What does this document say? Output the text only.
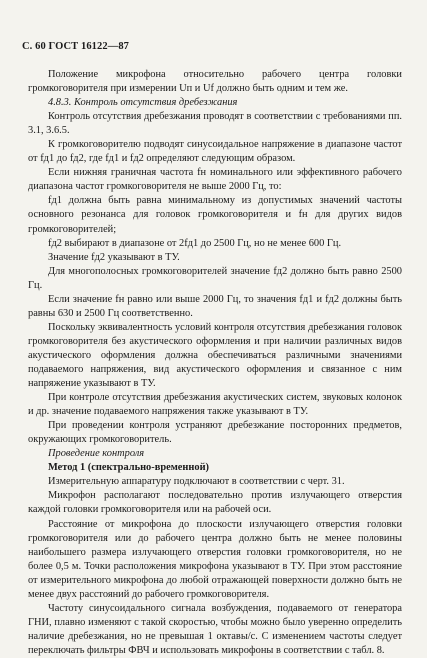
С. 60 ГОСТ 16122—87

Положение микрофона относительно рабочего центра головки громкоговорителя при измерении Uп и Uf должно быть одним и тем же.

4.8.3. Контроль отсутствия дребезжания

Контроль отсутствия дребезжания проводят в соответствии с требованиями пп. 3.1, 3.6.5.

К громкоговорителю подводят синусоидальное напряжение в диапазоне частот от fд1 до fд2, где fд1 и fд2 определяют следующим образом.

Если нижняя граничная частота fн номинального или эффективного рабочего диапазона частот громкоговорителя не выше 2000 Гц, то:

fд1 должна быть равна минимальному из допустимых значений частоты основного резонанса для головок громкоговорителя и fн для других видов громкоговорителей;

fд2 выбирают в диапазоне от 2fд1 до 2500 Гц, но не менее 600 Гц.

Значение fд2 указывают в ТУ.

Для многополосных громкоговорителей значение fд2 должно быть равно 2500 Гц.

Если значение fн равно или выше 2000 Гц, то значения fд1 и fд2 должны быть равны 630 и 2500 Гц соответственно.

Поскольку эквивалентность условий контроля отсутствия дребезжания головок громкоговорителя без акустического оформления и при наличии различных видов акустического оформления должна обеспечиваться различными значениями подаваемого напряжения, вид акустического оформления и связанное с ним напряжение указывают в ТУ.

При контроле отсутствия дребезжания акустических систем, звуковых колонок и др. значение подаваемого напряжения также указывают в ТУ.

При проведении контроля устраняют дребезжание посторонних предметов, окружающих громкоговоритель.

Проведение контроля

Метод 1 (спектрально-временной)

Измерительную аппаратуру подключают в соответствии с черт. 31.

Микрофон располагают последовательно против излучающего отверстия каждой головки громкоговорителя или на рабочей оси.

Расстояние от микрофона до плоскости излучающего отверстия головки громкоговорителя или до рабочего центра должно быть не менее половины наибольшего размера излучающего отверстия головки громкоговорителя, но не более 0,5 м. Точки расположения микрофона указывают в ТУ. При этом расстояние от измерительного микрофона до любой отражающей поверхности должно быть не менее двух расстояний до рабочего громкоговорителя.

Частоту синусоидального сигнала возбуждения, подаваемого от генератора ГНИ, плавно изменяют с такой скоростью, чтобы можно было уверенно определить наличие дребезжания, но не превышая 1 октавы/с. С изменением частоты следует переключать фильтры ФВЧ и использовать микрофоны в соответствии с табл. 8.
